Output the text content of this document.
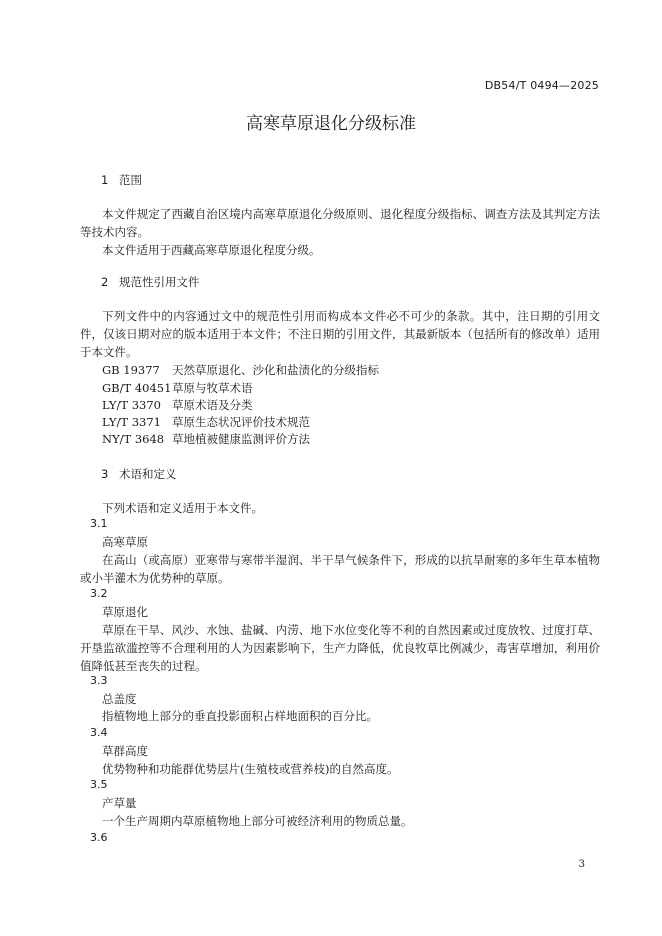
DB54/T 0494—2025
高寒草原退化分级标准
1 范围

本文件规定了西藏自治区境内高寒草原退化分级原则、退化程度分级指标、调查方法及其判定方法等技术内容。

本文件适用于西藏高寒草原退化程度分级。

2 规范性引用文件

下列文件中的内容通过文中的规范性引用而构成本文件必不可少的条款。其中，注日期的引用文件，仅该日期对应的版本适用于本文件；不注日期的引用文件，其最新版本（包括所有的修改单）适用于本文件。

GB 19377 天然草原退化、沙化和盐渍化的分级指标
GB/T 40451草原与牧草术语
LY/T 3370 草原术语及分类
LY/T 3371 草原生态状况评价技术规范
NY/T 3648 草地植被健康监测评价方法
3 术语和定义

下列术语和定义适用于本文件。

3.1
高寒草原

在高山（或高原）亚寒带与寒带半湿润、半干旱气候条件下，形成的以抗旱耐寒的多年生草本植物或小半灌木为优势种的草原。

3.2
草原退化

草原在干旱、风沙、水蚀、盐碱、内涝、地下水位变化等不利的自然因素或过度放牧、过度打草、开垦监欲滥控等不合理利用的人为因素影响下，生产力降低，优良牧草比例减少，毒害草增加，利用价值降低甚至丧失的过程。

3.3
总盖度

指植物地上部分的垂直投影面积占样地面积的百分比。

3.4
草群高度

优势物种和功能群优势层片(生殖枝或营养枝)的自然高度。

3.5
产草量

一个生产周期内草原植物地上部分可被经济利用的物质总量。

3.6
3
